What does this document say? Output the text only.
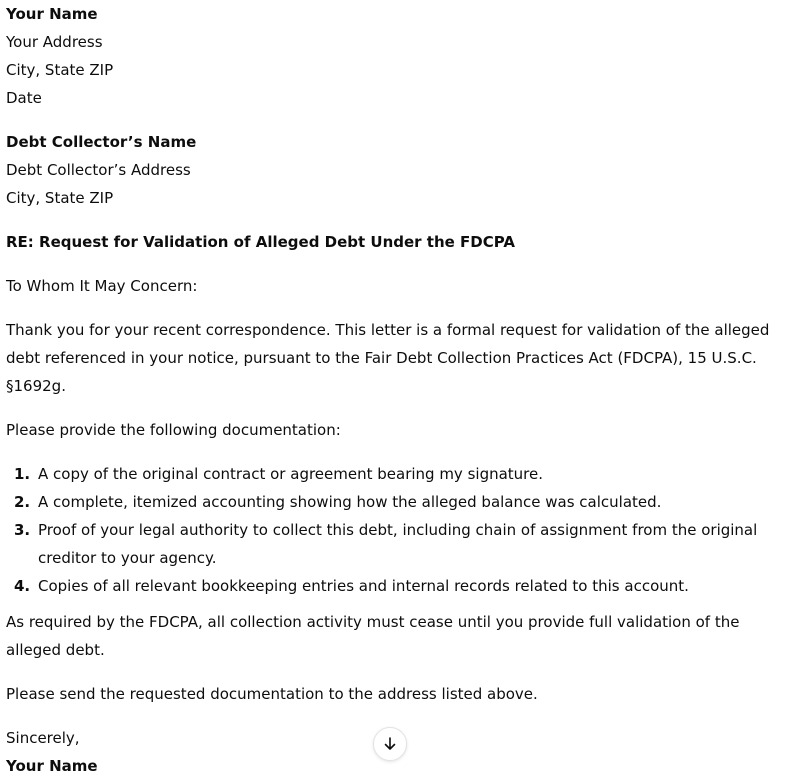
Your Name
Your Address
City, State ZIP
Date
Debt Collector’s Name
Debt Collector’s Address
City, State ZIP

RE: Request for Validation of Alleged Debt Under the FDCPA

To Whom It May Concern:

Thank you for your recent correspondence. This letter is a formal request for validation of the alleged debt referenced in your notice, pursuant to the Fair Debt Collection Practices Act (FDCPA), 15 U.S.C. §1692g.

Please provide the following documentation:

1. A copy of the original contract or agreement bearing my signature.
2. A complete, itemized accounting showing how the alleged balance was calculated.
3. Proof of your legal authority to collect this debt, including chain of assignment from the original creditor to your agency.
4. Copies of all relevant bookkeeping entries and internal records related to this account.

As required by the FDCPA, all collection activity must cease until you provide full validation of the alleged debt.

Please send the requested documentation to the address listed above.

Sincerely,
Your Name
